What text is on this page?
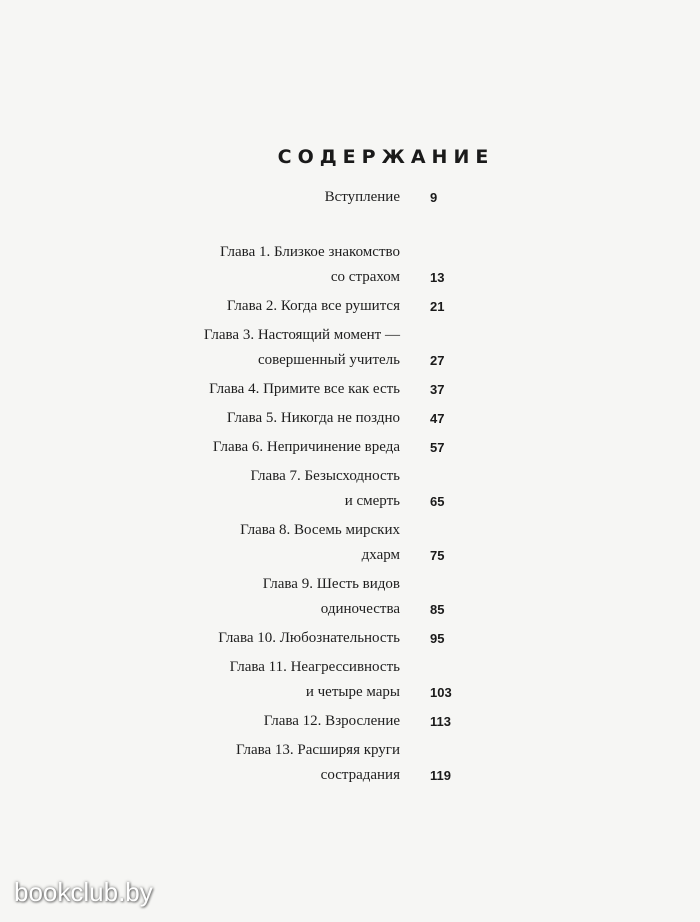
СОДЕРЖАНИЕ
Вступление	9
Глава 1. Близкое знакомство
со страхом	13
Глава 2. Когда все рушится	21
Глава 3. Настоящий момент —
совершенный учитель	27
Глава 4. Примите все как есть	37
Глава 5. Никогда не поздно	47
Глава 6. Непричинение вреда	57
Глава 7. Безысходность
и смерть	65
Глава 8. Восемь мирских
дхарм	75
Глава 9. Шесть видов
одиночества	85
Глава 10. Любознательность	95
Глава 11. Неагрессивность
и четыре мары	103
Глава 12. Взросление	113
Глава 13. Расширяя круги
сострадания	119
bookclub.by
